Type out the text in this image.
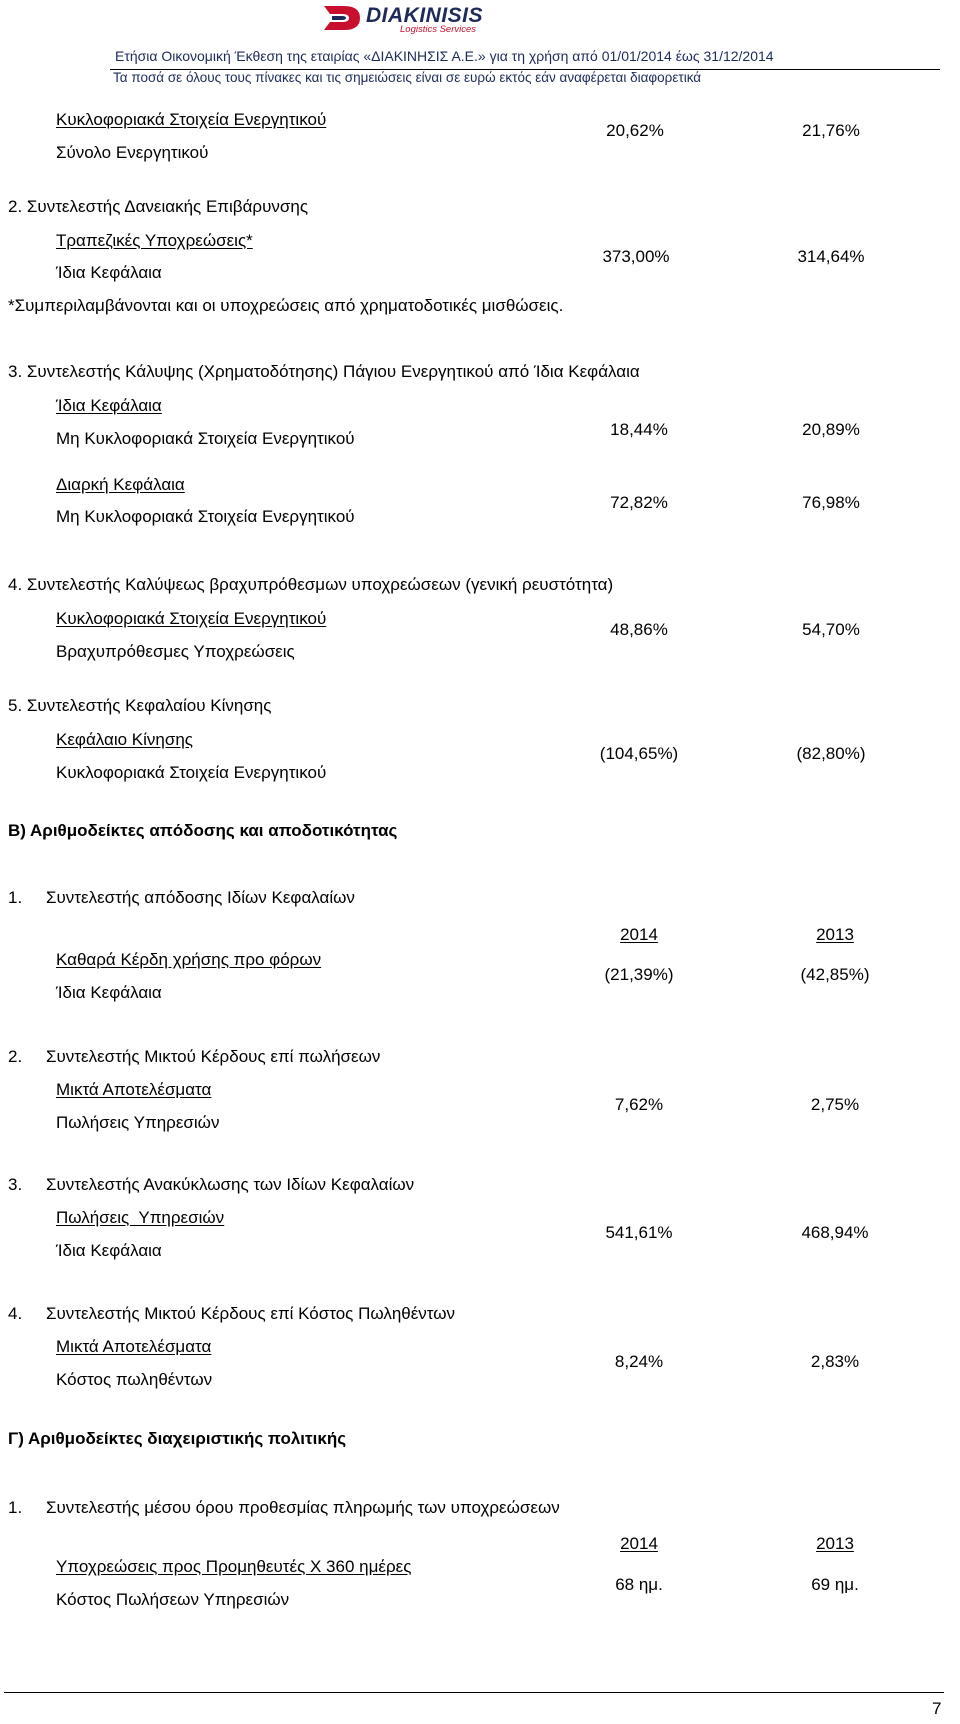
DIAKINISIS
Logistics Services
Ετήσια Οικονομική Έκθεση της εταιρίας «ΔΙΑΚΙΝΗΣΙΣ Α.Ε.» για τη χρήση από 01/01/2014 έως 31/12/2014
Τα ποσά σε όλους τους πίνακες και τις σημειώσεις είναι σε ευρώ εκτός εάν αναφέρεται διαφορετικά
Κυκλοφοριακά Στοιχεία Ενεργητικού
Σύνολο Ενεργητικού
20,62%	21,76%
2. Συντελεστής Δανειακής Επιβάρυνσης
Τραπεζικές Υποχρεώσεις*
Ίδια Κεφάλαια
373,00%	314,64%
*Συμπεριλαμβάνονται και οι υποχρεώσεις από χρηματοδοτικές μισθώσεις.
3. Συντελεστής Κάλυψης (Χρηματοδότησης) Πάγιου Ενεργητικού από Ίδια Κεφάλαια
Ίδια Κεφάλαια
Μη Κυκλοφοριακά Στοιχεία Ενεργητικού	18,44%	20,89%
Διαρκή Κεφάλαια
Μη Κυκλοφοριακά Στοιχεία Ενεργητικού
72,82%	76,98%
4. Συντελεστής Καλύψεως βραχυπρόθεσμων υποχρεώσεων (γενική ρευστότητα)
Κυκλοφοριακά Στοιχεία Ενεργητικού
Βραχυπρόθεσμες Υποχρεώσεις
48,86%	54,70%
5. Συντελεστής Κεφαλαίου Κίνησης
Κεφάλαιο Κίνησης
Κυκλοφοριακά Στοιχεία Ενεργητικού
(104,65%)	(82,80%)
Β) Αριθμοδείκτες απόδοσης και αποδοτικότητας
1. Συντελεστής απόδοσης Ιδίων Κεφαλαίων
2014	2013
Καθαρά Κέρδη χρήσης προ φόρων
Ίδια Κεφάλαια
(21,39%)	(42,85%)
2. Συντελεστής Μικτού Κέρδους επί πωλήσεων
Μικτά Αποτελέσματα
Πωλήσεις Υπηρεσιών
7,62%	2,75%
3. Συντελεστής Ανακύκλωσης των Ιδίων Κεφαλαίων
Πωλήσεις  Υπηρεσιών
Ίδια Κεφάλαια
541,61%	468,94%
4. Συντελεστής Μικτού Κέρδους επί Κόστος Πωληθέντων
Μικτά Αποτελέσματα
Κόστος πωληθέντων
8,24%	2,83%
Γ) Αριθμοδείκτες διαχειριστικής πολιτικής
1. Συντελεστής μέσου όρου προθεσμίας πληρωμής των υποχρεώσεων
2014	2013
Υποχρεώσεις προς Προμηθευτές X 360 ημέρες
Κόστος Πωλήσεων Υπηρεσιών
68 ημ.	69 ημ.
7
